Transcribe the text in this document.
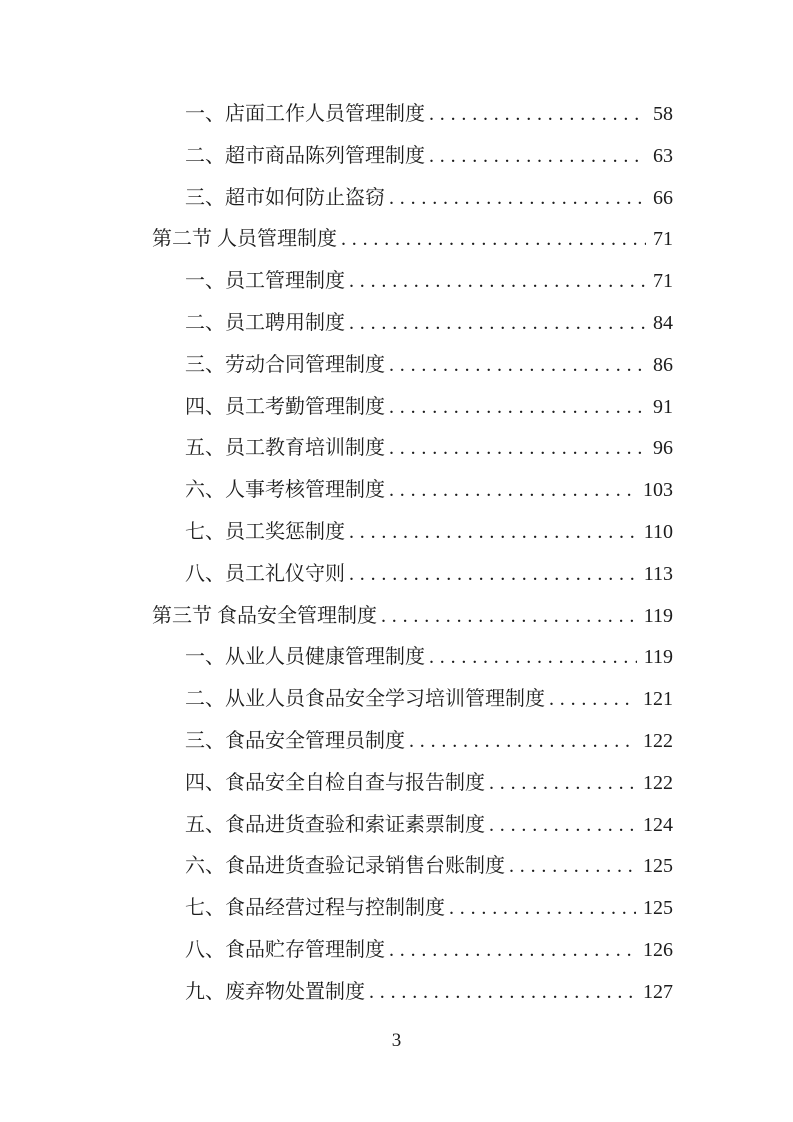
一、店面工作人员管理制度 . . .	58
二、超市商品陈列管理制度 . . .	63
三、超市如何防止盗窃 . . .	66
第二节 人员管理制度 . . .	71
一、员工管理制度 . . .	71
二、员工聘用制度 . . .	84
三、劳动合同管理制度 . . .	86
四、员工考勤管理制度 . . .	91
五、员工教育培训制度 . . .	96
六、人事考核管理制度 . . .	103
七、员工奖惩制度 . . .	110
八、员工礼仪守则 . . .	113
第三节 食品安全管理制度 . . .	119
一、从业人员健康管理制度 . . .	119
二、从业人员食品安全学习培训管理制度 . . .	121
三、食品安全管理员制度 . . .	122
四、食品安全自检自查与报告制度 . . .	122
五、食品进货查验和索证素票制度 . . .	124
六、食品进货查验记录销售台账制度 . . .	125
七、食品经营过程与控制制度 . . .	125
八、食品贮存管理制度 . . .	126
九、废弃物处置制度 . . .	127
3
